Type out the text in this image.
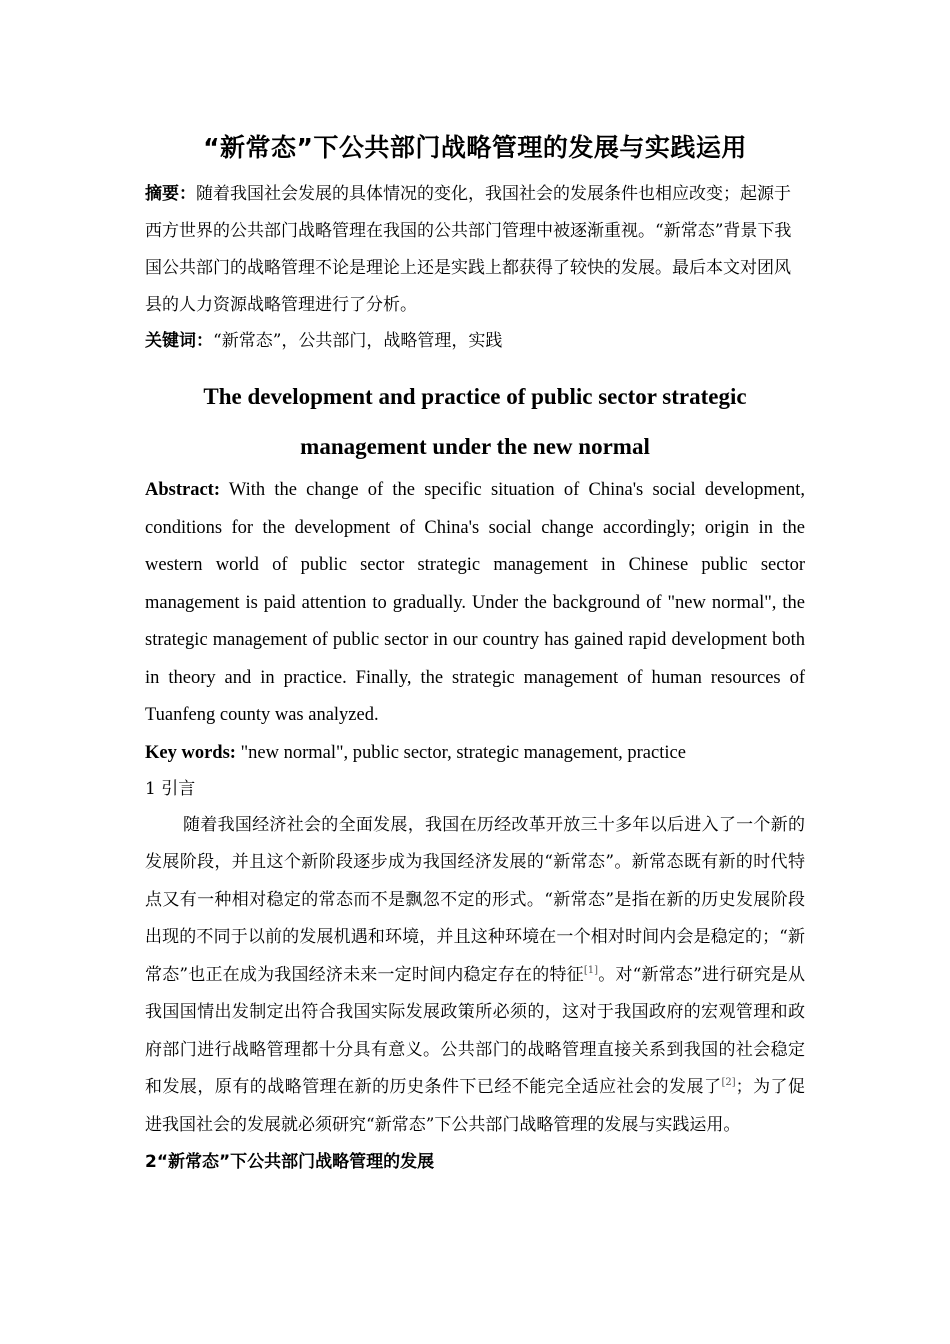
“新常态”下公共部门战略管理的发展与实践运用

摘要：随着我国社会发展的具体情况的变化，我国社会的发展条件也相应改变；起源于西方世界的公共部门战略管理在我国的公共部门管理中被逐渐重视。“新常态”背景下我国公共部门的战略管理不论是理论上还是实践上都获得了较快的发展。最后本文对团风县的人力资源战略管理进行了分析。

关键词：“新常态”，公共部门，战略管理，实践

The development and practice of public sector strategic
management under the new normal

Abstract: With the change of the specific situation of China's social development, conditions for the development of China's social change accordingly; origin in the western world of public sector strategic management in Chinese public sector management is paid attention to gradually. Under the background of "new normal", the strategic management of public sector in our country has gained rapid development both in theory and in practice. Finally, the strategic management of human resources of Tuanfeng county was analyzed.

Key words: "new normal", public sector, strategic management, practice

1 引言

随着我国经济社会的全面发展，我国在历经改革开放三十多年以后进入了一个新的发展阶段，并且这个新阶段逐步成为我国经济发展的“新常态”。新常态既有新的时代特点又有一种相对稳定的常态而不是飘忽不定的形式。“新常态”是指在新的历史发展阶段出现的不同于以前的发展机遇和环境，并且这种环境在一个相对时间内会是稳定的；“新常态”也正在成为我国经济未来一定时间内稳定存在的特征[1]。对“新常态”进行研究是从我国国情出发制定出符合我国实际发展政策所必须的，这对于我国政府的宏观管理和政府部门进行战略管理都十分具有意义。公共部门的战略管理直接关系到我国的社会稳定和发展，原有的战略管理在新的历史条件下已经不能完全适应社会的发展了[2]；为了促进我国社会的发展就必须研究“新常态”下公共部门战略管理的发展与实践运用。

2“新常态”下公共部门战略管理的发展
